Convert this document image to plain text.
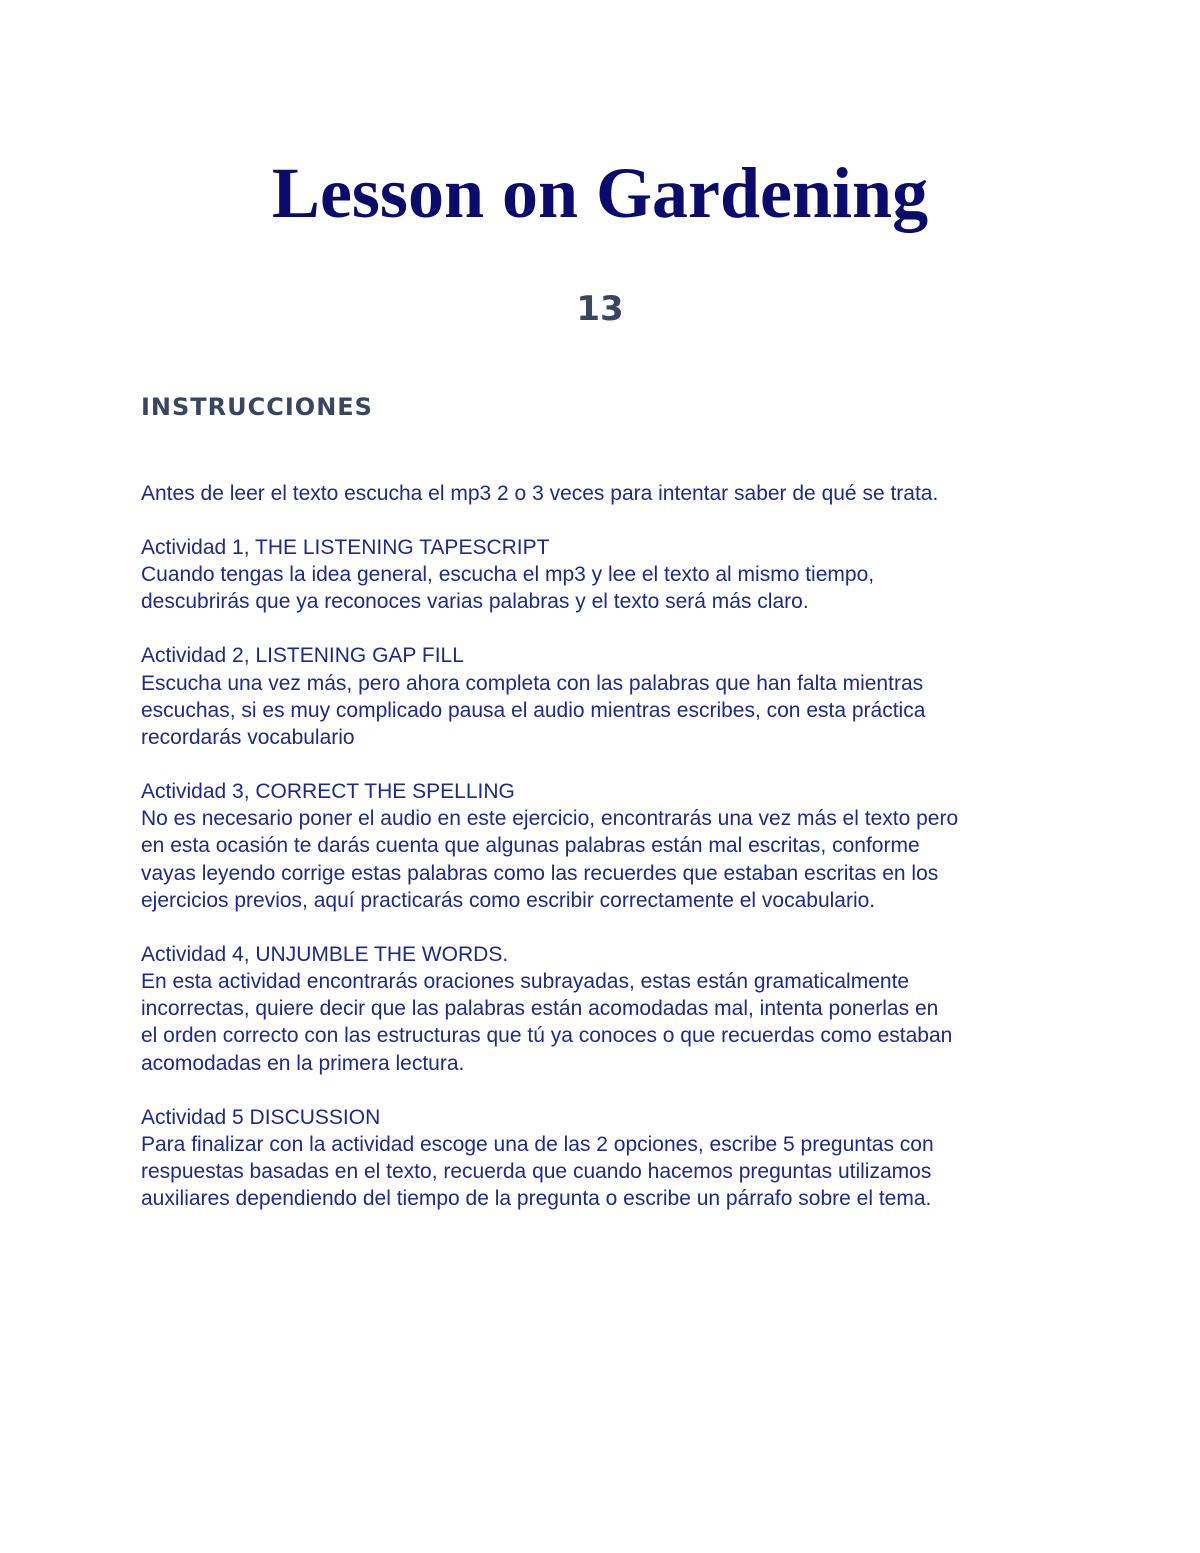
Lesson on Gardening
13
INSTRUCCIONES

Antes de leer el texto escucha el mp3 2 o 3 veces para intentar saber de qué se trata.

Actividad 1, THE LISTENING TAPESCRIPT
Cuando tengas la idea general, escucha el mp3 y lee el texto al mismo tiempo,
descubrirás que ya reconoces varias palabras y el texto será más claro.

Actividad 2, LISTENING GAP FILL
Escucha una vez más, pero ahora completa con las palabras que han falta mientras
escuchas, si es muy complicado pausa el audio mientras escribes, con esta práctica
recordarás vocabulario

Actividad 3, CORRECT THE SPELLING
No es necesario poner el audio en este ejercicio, encontrarás una vez más el texto pero
en esta ocasión te darás cuenta que algunas palabras están mal escritas, conforme
vayas leyendo corrige estas palabras como las recuerdes que estaban escritas en los
ejercicios previos, aquí practicarás como escribir correctamente el vocabulario.

Actividad 4, UNJUMBLE THE WORDS.
En esta actividad encontrarás oraciones subrayadas, estas están gramaticalmente
incorrectas, quiere decir que las palabras están acomodadas mal, intenta ponerlas en
el orden correcto con las estructuras que tú ya conoces o que recuerdas como estaban
acomodadas en la primera lectura.

Actividad 5 DISCUSSION
Para finalizar con la actividad escoge una de las 2 opciones, escribe 5 preguntas con
respuestas basadas en el texto, recuerda que cuando hacemos preguntas utilizamos
auxiliares dependiendo del tiempo de la pregunta o escribe un párrafo sobre el tema.
